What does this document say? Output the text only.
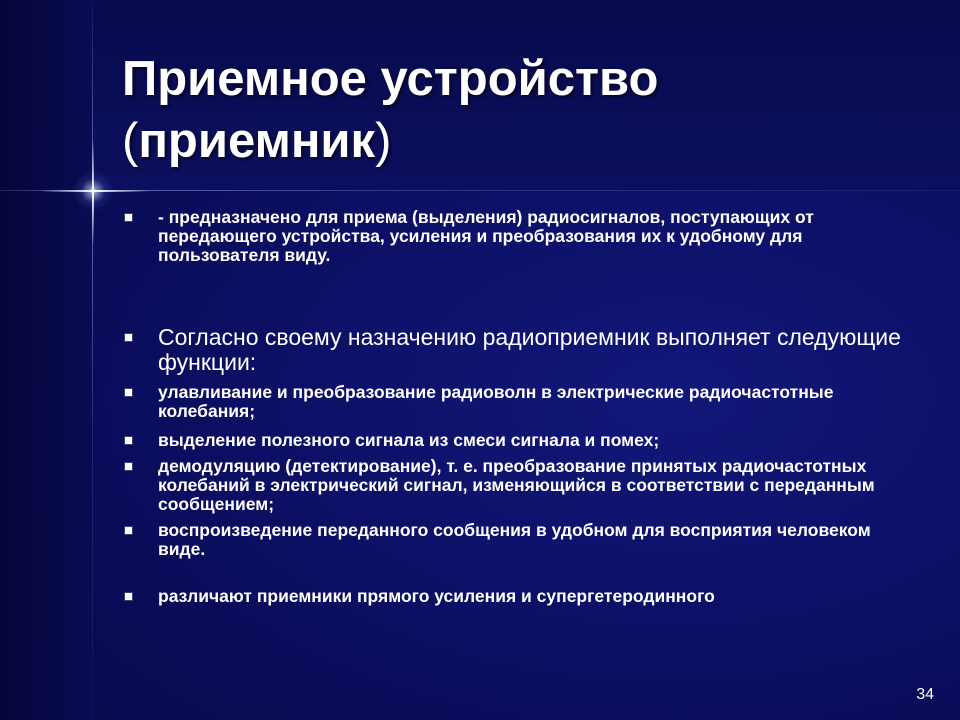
Приемное устройство
(приемник)
- предназначено для приема (выделения) радиосигналов, поступающих от передающего устройства, усиления и преобразования их к удобному для пользователя виду.
Согласно своему назначению радиоприемник выполняет следующие функции:
улавливание и преобразование радиоволн в электрические радиочастотные колебания;
выделение полезного сигнала из смеси сигнала и помех;
демодуляцию (детектирование), т. е. преобразование принятых радиочастотных колебаний в электрический сигнал, изменяющийся в соответствии с переданным сообщением;
воспроизведение переданного сообщения в удобном для восприятия человеком виде.
различают приемники прямого усиления и супергетеродинного
34
